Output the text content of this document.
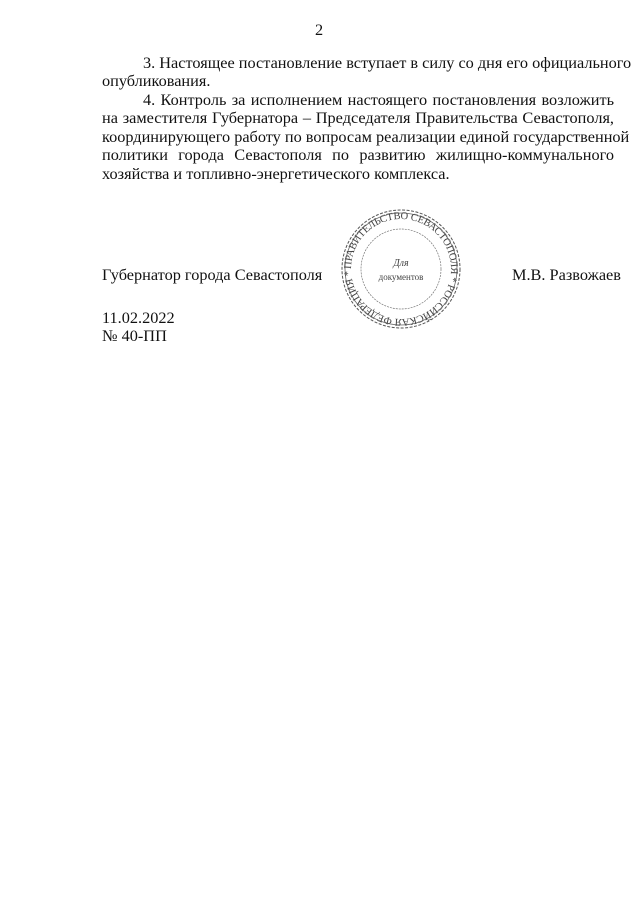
2
3. Настоящее постановление вступает в силу со дня его официального
опубликования.
4. Контроль за исполнением настоящего постановления возложить
на заместителя Губернатора – Председателя Правительства Севастополя,
координирующего работу по вопросам реализации единой государственной
политики города Севастополя по развитию жилищно-коммунального
хозяйства и топливно-энергетического комплекса.
Губернатор города Севастополя	М.В. Развожаев
ПРАВИТЕЛЬСТВО СЕВАСТОПОЛЯ * РОССИЙСКАЯ ФЕДЕРАЦИЯ *
Для
документов
11.02.2022
№ 40-ПП
